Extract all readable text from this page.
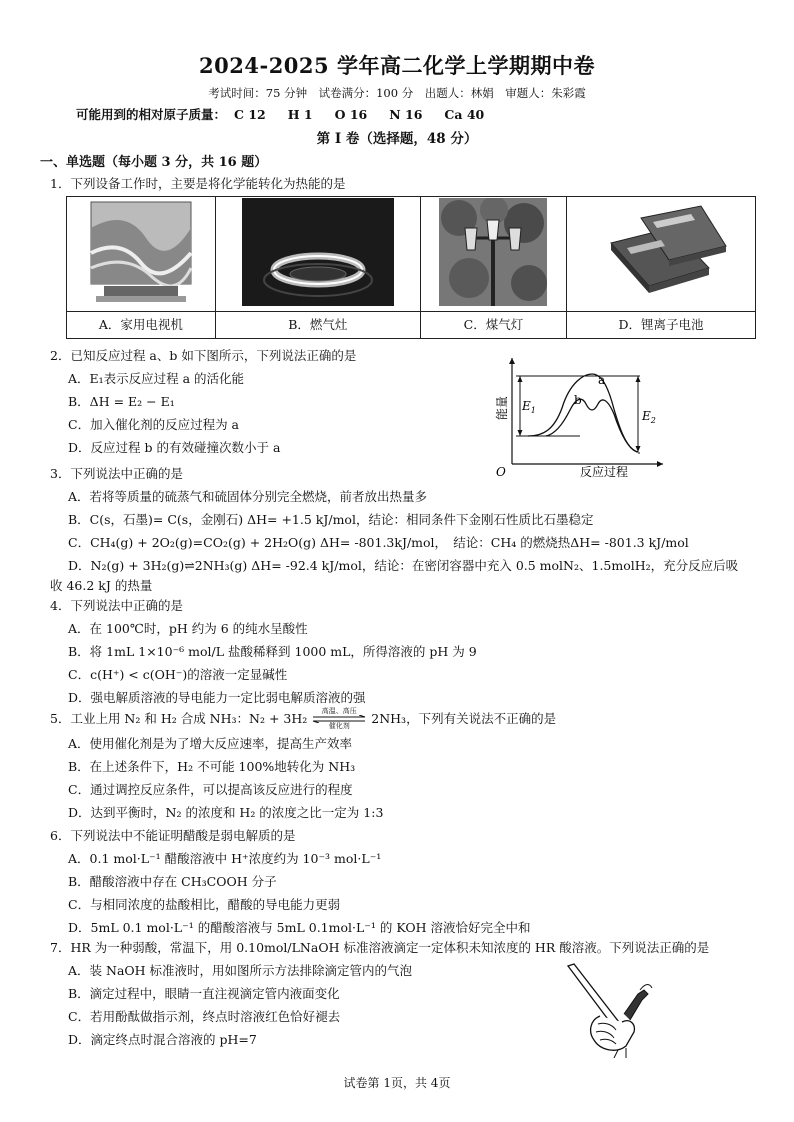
2024-2025 学年高二化学上学期期中卷
考试时间：75 分钟　试卷满分：100 分　出题人：林娟　审题人：朱彩霞
可能用到的相对原子质量： C 12 H 1 O 16 N 16 Ca 40
第 I 卷（选择题，48 分）
一、单选题（每小题 3 分，共 16 题）

1．下列设备工作时，主要是将化学能转化为热能的是

A．家用电视机	B．燃气灶	C．煤气灯	D．锂离子电池

2．已知反应过程 a、b 如下图所示，下列说法正确的是

A．E₁表示反应过程 a 的活化能
B．ΔH = E₂ − E₁
C．加入催化剂的反应过程为 a
D．反应过程 b 的有效碰撞次数小于 a
能量
O	反应过程
a
b
$E_1$	$E_2$

3．下列说法中正确的是

A．若将等质量的硫蒸气和硫固体分别完全燃烧，前者放出热量多
B．C(s，石墨)= C(s，金刚石) ΔH= +1.5 kJ/mol，结论：相同条件下金刚石性质比石墨稳定
C．CH₄(g) + 2O₂(g)=CO₂(g) + 2H₂O(g) ΔH= -801.3kJ/mol，　结论：CH₄ 的燃烧热ΔH= -801.3 kJ/mol
D．N₂(g) + 3H₂(g)⇌2NH₃(g) ΔH= -92.4 kJ/mol，结论：在密闭容器中充入 0.5 molN₂、1.5molH₂，充分反应后吸
收 46.2 kJ 的热量

4．下列说法中正确的是

A．在 100℃时，pH 约为 6 的纯水呈酸性
B．将 1mL 1×10⁻⁶ mol/L 盐酸稀释到 1000 mL，所得溶液的 pH 为 9
C．c(H⁺) < c(OH⁻)的溶液一定显碱性
D．强电解质溶液的导电能力一定比弱电解质溶液的强

5．工业上用 N₂ 和 H₂ 合成 NH₃：N₂ + 3H₂ 高温、高压
催化剂
2NH₃，下列有关说法不正确的是

A．使用催化剂是为了增大反应速率，提高生产效率
B．在上述条件下，H₂ 不可能 100%地转化为 NH₃
C．通过调控反应条件，可以提高该反应进行的程度
D．达到平衡时，N₂ 的浓度和 H₂ 的浓度之比一定为 1:3

6．下列说法中不能证明醋酸是弱电解质的是

A．0.1 mol·L⁻¹ 醋酸溶液中 H⁺浓度约为 10⁻³ mol·L⁻¹
B．醋酸溶液中存在 CH₃COOH 分子
C．与相同浓度的盐酸相比，醋酸的导电能力更弱
D．5mL 0.1 mol·L⁻¹ 的醋酸溶液与 5mL 0.1mol·L⁻¹ 的 KOH 溶液恰好完全中和

7．HR 为一种弱酸，常温下，用 0.10mol/LNaOH 标准溶液滴定一定体积未知浓度的 HR 酸溶液。下列说法正确的是

A．装 NaOH 标准液时，用如图所示方法排除滴定管内的气泡
B．滴定过程中，眼睛一直注视滴定管内液面变化
C．若用酚酞做指示剂，终点时溶液红色恰好褪去
D．滴定终点时混合溶液的 pH=7
试卷第 1页，共 4页
